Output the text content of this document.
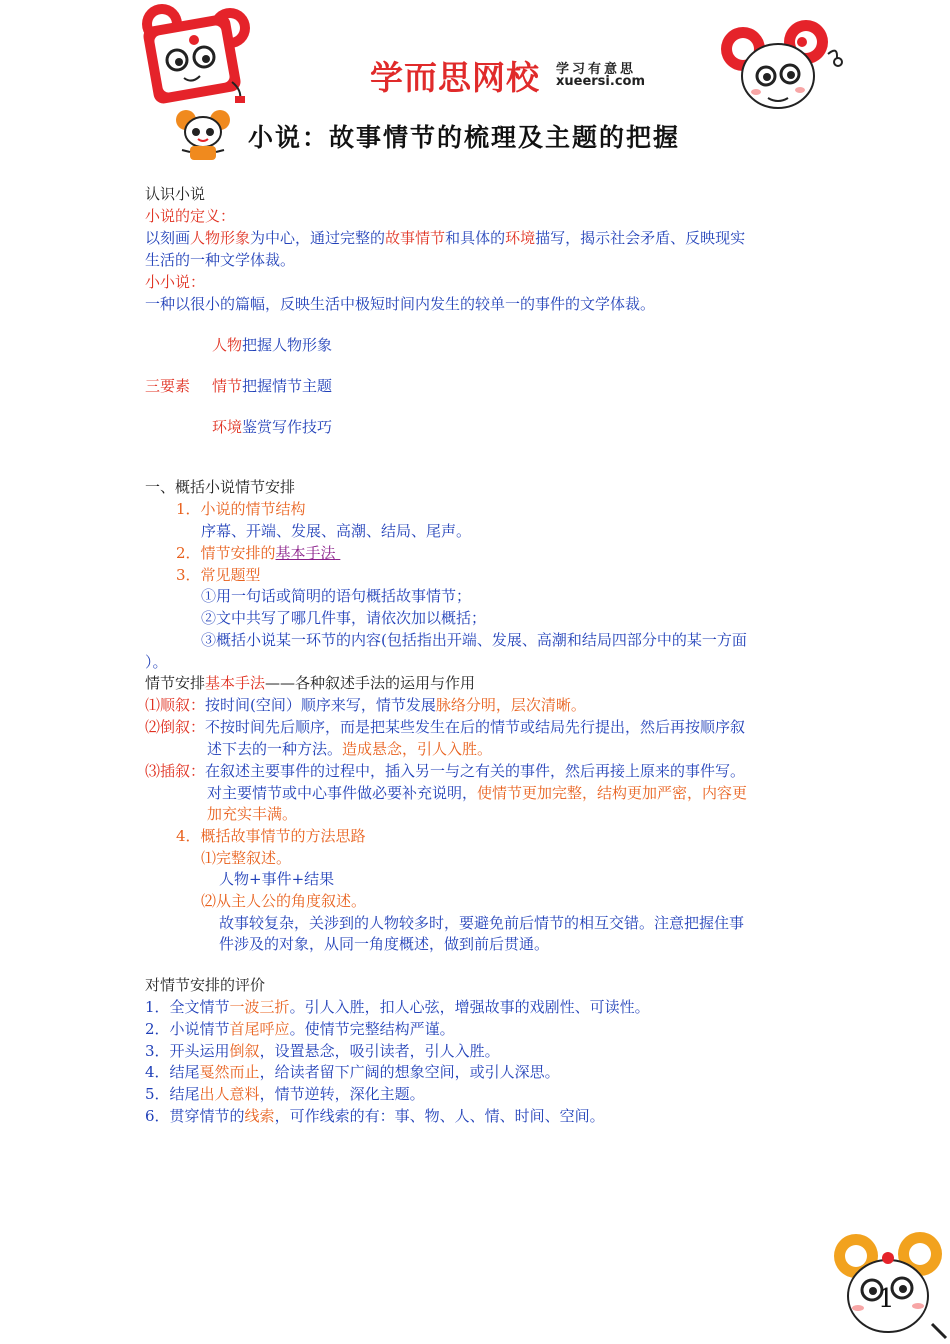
学而思网校 学习有意思
xueersi.com
小说：故事情节的梳理及主题的把握
认识小说
小说的定义：
以刻画人物形象为中心，通过完整的故事情节和具体的环境描写，揭示社会矛盾、反映现实
生活的一种文学体裁。
小小说：
一种以很小的篇幅，反映生活中极短时间内发生的较单一的事件的文学体裁。
人物把握人物形象
三要素 情节把握情节主题
环境鉴赏写作技巧
一、概括小说情节安排
1．小说的情节结构
序幕、开端、发展、高潮、结局、尾声。
2．情节安排的基本手法
3．常见题型
①用一句话或简明的语句概括故事情节；
②文中共写了哪几件事，请依次加以概括；
③概括小说某一环节的内容(包括指出开端、发展、高潮和结局四部分中的某一方面
）。
情节安排基本手法——各种叙述手法的运用与作用
⑴顺叙：按时间(空间）顺序来写，情节发展脉络分明，层次清晰。
⑵倒叙：不按时间先后顺序，而是把某些发生在后的情节或结局先行提出，然后再按顺序叙
述下去的一种方法。造成悬念，引人入胜。
⑶插叙：在叙述主要事件的过程中，插入另一与之有关的事件，然后再接上原来的事件写。
对主要情节或中心事件做必要补充说明，使情节更加完整，结构更加严密，内容更
加充实丰满。
4．概括故事情节的方法思路
⑴完整叙述。
人物+事件+结果
⑵从主人公的角度叙述。
故事较复杂，关涉到的人物较多时，要避免前后情节的相互交错。注意把握住事
件涉及的对象，从同一角度概述，做到前后贯通。
对情节安排的评价
1．全文情节一波三折。引人入胜，扣人心弦，增强故事的戏剧性、可读性。
2．小说情节首尾呼应。使情节完整结构严谨。
3．开头运用倒叙，设置悬念，吸引读者，引人入胜。
4．结尾戛然而止，给读者留下广阔的想象空间，或引人深思。
5．结尾出人意料，情节逆转，深化主题。
6．贯穿情节的线索，可作线索的有：事、物、人、情、时间、空间。
1
